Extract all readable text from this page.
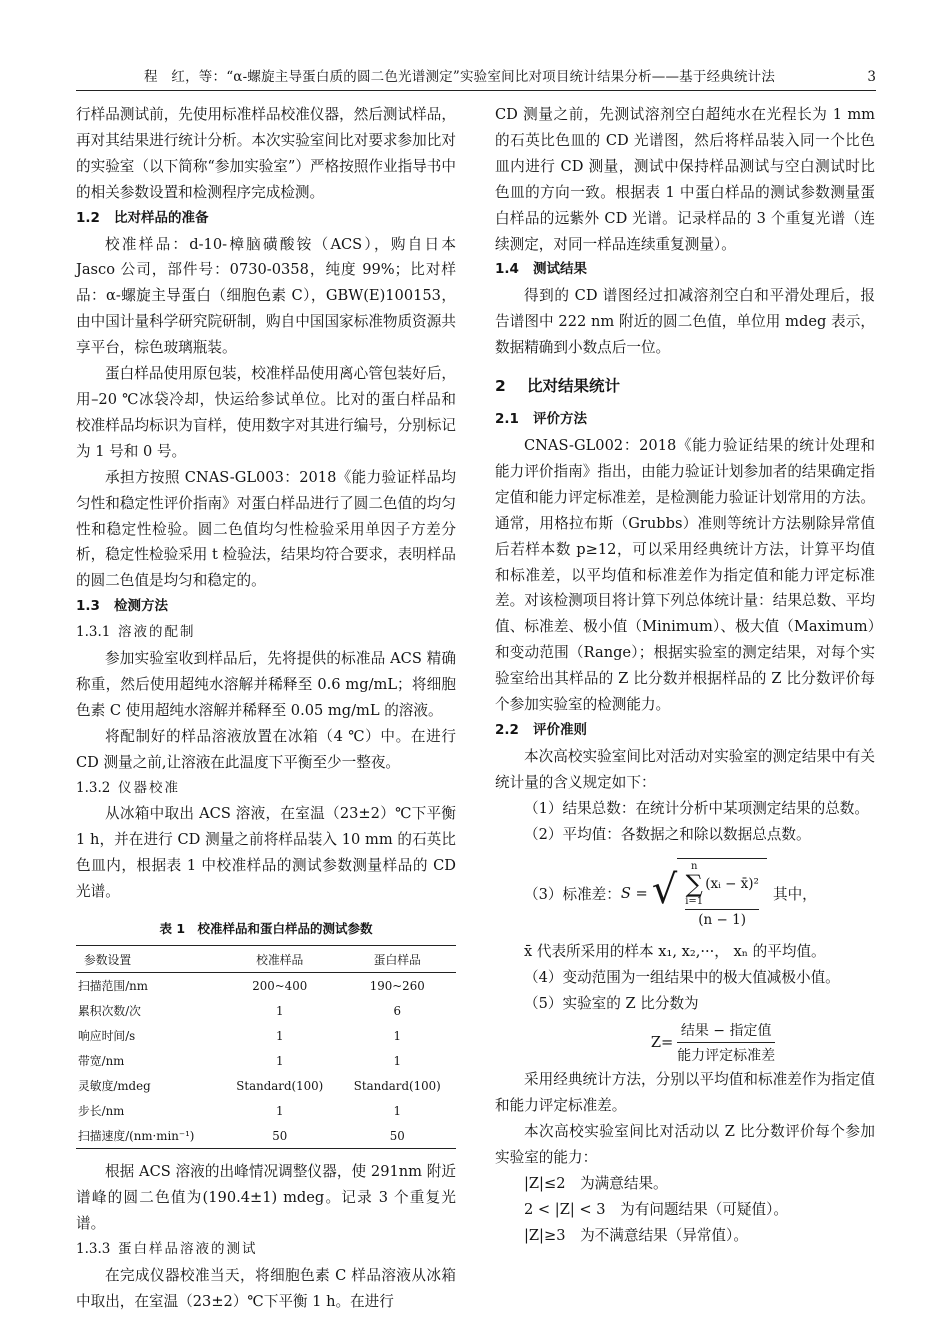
程　红，等：“α-螺旋主导蛋白质的圆二色光谱测定”实验室间比对项目统计结果分析——基于经典统计法	3

行样品测试前，先使用标准样品校准仪器，然后测试样品，再对其结果进行统计分析。本次实验室间比对要求参加比对的实验室（以下简称“参加实验室”）严格按照作业指导书中的相关参数设置和检测程序完成检测。

1.2 比对样品的准备

校准样品：d-10-樟脑磺酸铵（ACS），购自日本 Jasco 公司，部件号：0730-0358，纯度 99%；比对样品：α-螺旋主导蛋白（细胞色素 C），GBW(E)100153，由中国计量科学研究院研制，购自中国国家标准物质资源共享平台，棕色玻璃瓶装。

蛋白样品使用原包装，校准样品使用离心管包装好后，用–20 ℃冰袋冷却，快运给参试单位。比对的蛋白样品和校准样品均标识为盲样，使用数字对其进行编号，分别标记为 1 号和 0 号。

承担方按照 CNAS-GL003：2018《能力验证样品均匀性和稳定性评价指南》对蛋白样品进行了圆二色值的均匀性和稳定性检验。圆二色值均匀性检验采用单因子方差分析，稳定性检验采用 t 检验法，结果均符合要求，表明样品的圆二色值是均匀和稳定的。

1.3 检测方法
1.3.1 溶液的配制

参加实验室收到样品后，先将提供的标准品 ACS 精确称重，然后使用超纯水溶解并稀释至 0.6 mg/mL；将细胞色素 C 使用超纯水溶解并稀释至 0.05 mg/mL 的溶液。

将配制好的样品溶液放置在冰箱（4 ℃）中。在进行 CD 测量之前,让溶液在此温度下平衡至少一整夜。

1.3.2 仪器校准

从冰箱中取出 ACS 溶液，在室温（23±2）℃下平衡 1 h，并在进行 CD 测量之前将样品装入 10 mm 的石英比色皿内，根据表 1 中校准样品的测试参数测量样品的 CD 光谱。

表 1　校准样品和蛋白样品的测试参数
参数设置	校准样品	蛋白样品
扫描范围/nm	200~400	190~260
累积次数/次	1	6
响应时间/s	1	1
带宽/nm	1	1
灵敏度/mdeg	Standard(100)	Standard(100)
步长/nm	1	1
扫描速度/(nm·min⁻¹)	50	50

根据 ACS 溶液的出峰情况调整仪器，使 291nm 附近谱峰的圆二色值为(190.4±1) mdeg。记录 3 个重复光谱。

1.3.3 蛋白样品溶液的测试

在完成仪器校准当天，将细胞色素 C 样品溶液从冰箱中取出，在室温（23±2）℃下平衡 1 h。在进行

CD 测量之前，先测试溶剂空白超纯水在光程长为 1 mm 的石英比色皿的 CD 光谱图，然后将样品装入同一个比色皿内进行 CD 测量，测试中保持样品测试与空白测试时比色皿的方向一致。根据表 1 中蛋白样品的测试参数测量蛋白样品的远紫外 CD 光谱。记录样品的 3 个重复光谱（连续测定，对同一样品连续重复测量）。

1.4 测试结果

得到的 CD 谱图经过扣减溶剂空白和平滑处理后，报告谱图中 222 nm 附近的圆二色值，单位用 mdeg 表示，数据精确到小数点后一位。

2 比对结果统计
2.1 评价方法

CNAS-GL002：2018《能力验证结果的统计处理和能力评价指南》指出，由能力验证计划参加者的结果确定指定值和能力评定标准差，是检测能力验证计划常用的方法。通常，用格拉布斯（Grubbs）准则等统计方法剔除异常值后若样本数 p≥12，可以采用经典统计方法，计算平均值和标准差，以平均值和标准差作为指定值和能力评定标准差。对该检测项目将计算下列总体统计量：结果总数、平均值、标准差、极小值（Minimum）、极大值（Maximum）和变动范围（Range）；根据实验室的测定结果，对每个实验室给出其样品的 Z 比分数并根据样品的 Z 比分数评价每个参加实验室的检测能力。

2.2 评价准则

本次高校实验室间比对活动对实验室的测定结果中有关统计量的含义规定如下：

（1）结果总数：在统计分析中某项测定结果的总数。

（2）平均值：各数据之和除以数据总点数。

（3）标准差： S = √
n
∑
i=1
(xᵢ − x̄)²
(n − 1)
其中，

x̄ 代表所采用的样本 x₁, x₂,···， xₙ 的平均值。

（4）变动范围为一组结果中的极大值减极小值。

（5）实验室的 Z 比分数为

$Z= \frac{\text{结果 − 指定值}}{\text{能力评定标准差}}$

采用经典统计方法，分别以平均值和标准差作为指定值和能力评定标准差。

本次高校实验室间比对活动以 Z 比分数评价每个参加实验室的能力：

|Z|≤2　为满意结果。

2 < |Z| < 3　为有问题结果（可疑值）。

|Z|≥3　为不满意结果（异常值）。
